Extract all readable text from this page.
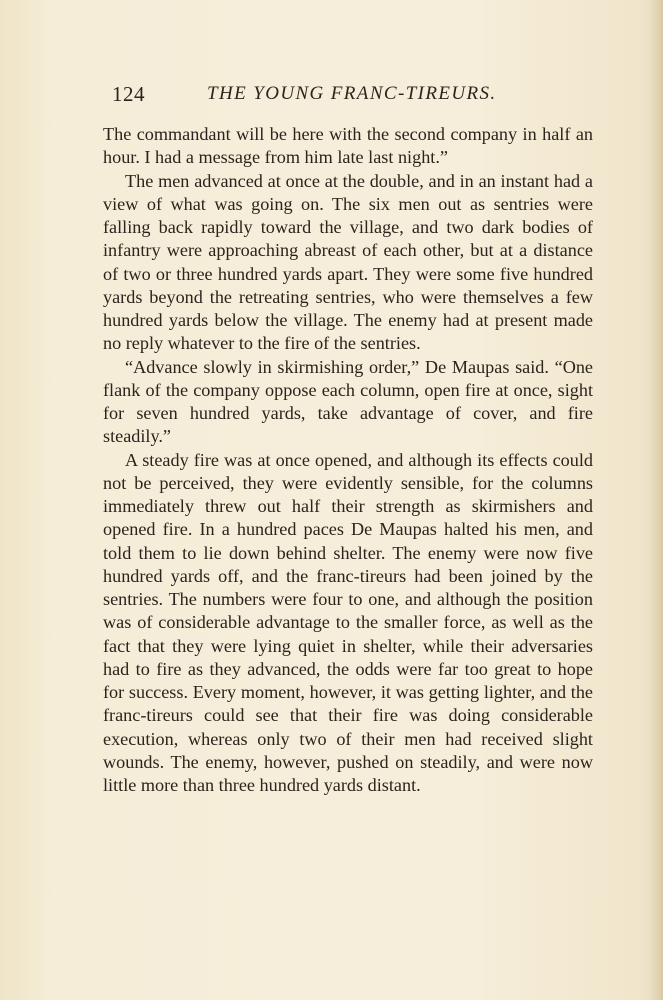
124	THE YOUNG FRANC-TIREURS.

The commandant will be here with the second company in half an hour. I had a message from him late last night.”

The men advanced at once at the double, and in an instant had a view of what was going on. The six men out as sentries were falling back rapidly toward the village, and two dark bodies of infantry were approaching abreast of each other, but at a distance of two or three hundred yards apart. They were some five hundred yards beyond the retreating sentries, who were themselves a few hundred yards below the village. The enemy had at present made no reply whatever to the fire of the sentries.

“Advance slowly in skirmishing order,” De Maupas said. “One flank of the company oppose each column, open fire at once, sight for seven hundred yards, take advantage of cover, and fire steadily.”

A steady fire was at once opened, and although its effects could not be perceived, they were evidently sensible, for the columns immediately threw out half their strength as skirmishers and opened fire. In a hundred paces De Maupas halted his men, and told them to lie down behind shelter. The enemy were now five hundred yards off, and the franc-tireurs had been joined by the sentries. The numbers were four to one, and although the position was of considerable advantage to the smaller force, as well as the fact that they were lying quiet in shelter, while their adversaries had to fire as they advanced, the odds were far too great to hope for success. Every moment, however, it was getting lighter, and the franc-tireurs could see that their fire was doing considerable execution, whereas only two of their men had received slight wounds. The enemy, however, pushed on steadily, and were now little more than three hundred yards distant.
